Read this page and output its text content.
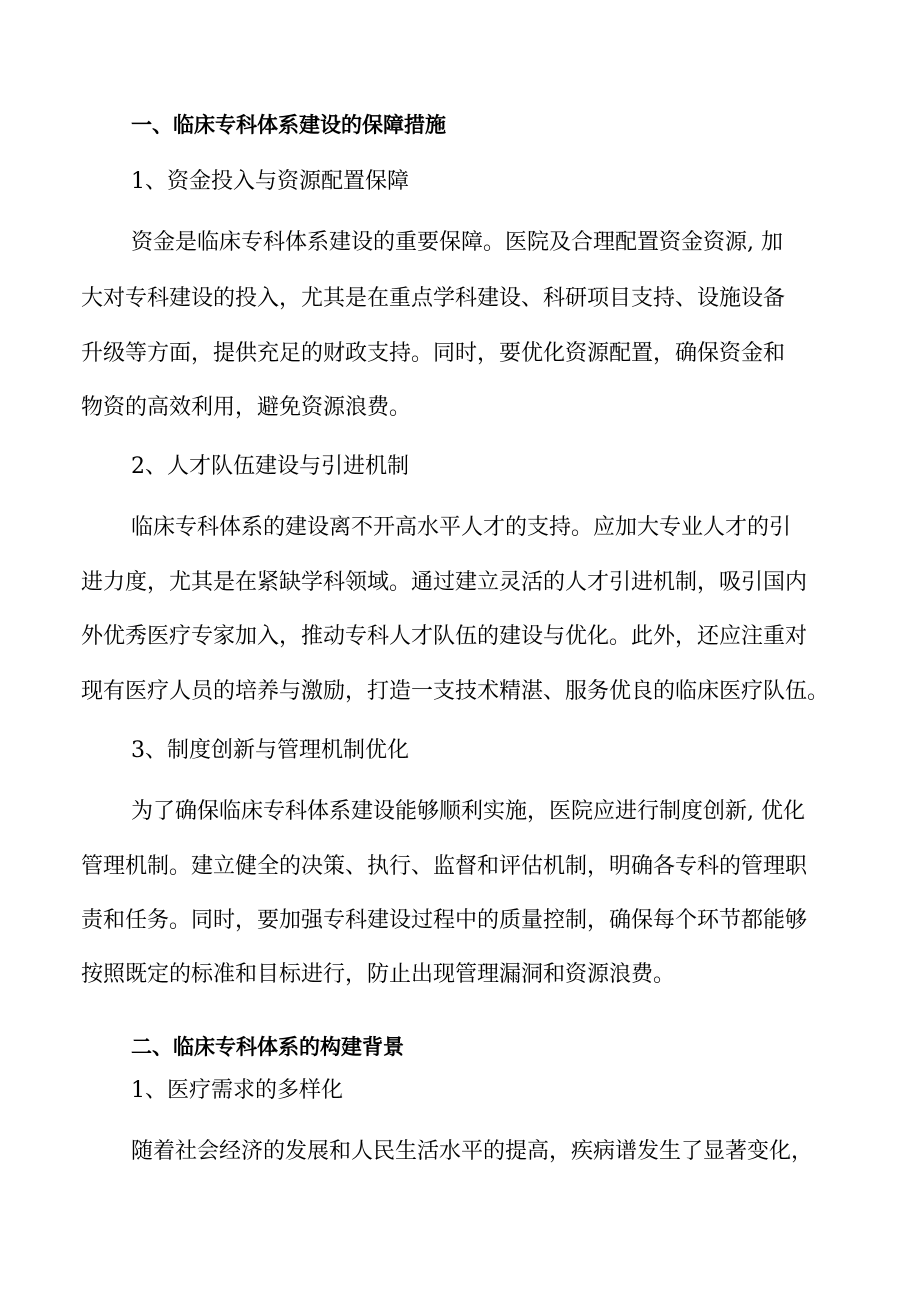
一、临床专科体系建设的保障措施
1、资金投入与资源配置保障
资金是临床专科体系建设的重要保障。医院及合理配置资金资源, 加
大对专科建设的投入，尤其是在重点学科建设、科研项目支持、设施设备
升级等方面，提供充足的财政支持。同时，要优化资源配置，确保资金和
物资的高效利用，避免资源浪费。
2、人才队伍建设与引进机制
临床专科体系的建设离不开高水平人才的支持。应加大专业人才的引
进力度，尤其是在紧缺学科领域。通过建立灵活的人才引进机制，吸引国内
外优秀医疗专家加入，推动专科人才队伍的建设与优化。此外，还应注重对
现有医疗人员的培养与激励，打造一支技术精湛、服务优良的临床医疗队伍。
3、制度创新与管理机制优化
为了确保临床专科体系建设能够顺利实施，医院应进行制度创新, 优化
管理机制。建立健全的决策、执行、监督和评估机制，明确各专科的管理职
责和任务。同时，要加强专科建设过程中的质量控制，确保每个环节都能够
按照既定的标准和目标进行，防止出现管理漏洞和资源浪费。
二、临床专科体系的构建背景
1、医疗需求的多样化
随着社会经济的发展和人民生活水平的提高，疾病谱发生了显著变化，
